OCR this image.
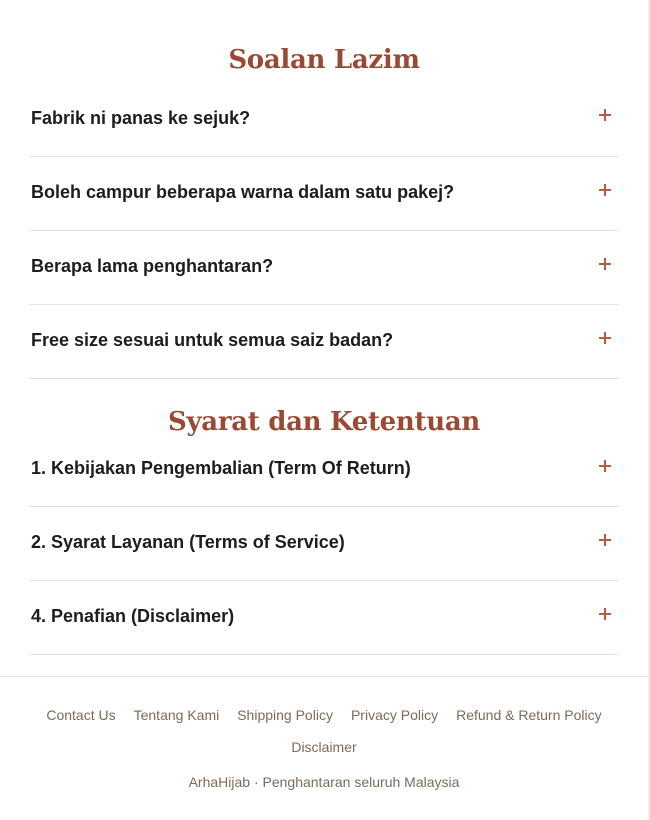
Soalan Lazim
Fabrik ni panas ke sejuk?
Boleh campur beberapa warna dalam satu pakej?
Berapa lama penghantaran?
Free size sesuai untuk semua saiz badan?
Syarat dan Ketentuan
1. Kebijakan Pengembalian (Term Of Return)
2. Syarat Layanan (Terms of Service)
4. Penafian (Disclaimer)
Contact Us Tentang Kami Shipping Policy Privacy Policy Refund & Return Policy
Disclaimer
ArhaHijab · Penghantaran seluruh Malaysia
